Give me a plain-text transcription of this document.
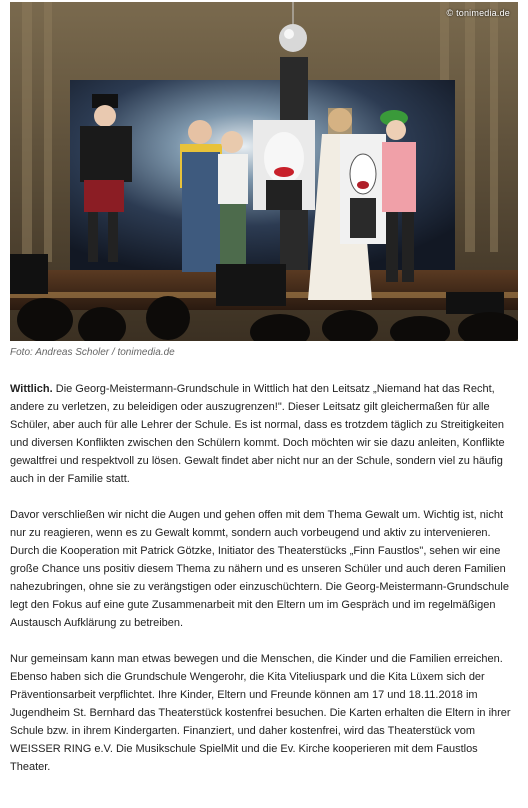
© tonimedia.de
Foto: Andreas Scholer / tonimedia.de

Wittlich. Die Georg-Meistermann-Grundschule in Wittlich hat den Leitsatz „Niemand hat das Recht, andere zu verletzen, zu beleidigen oder auszugrenzen!". Dieser Leitsatz gilt gleichermaßen für alle Schüler, aber auch für alle Lehrer der Schule. Es ist normal, dass es trotzdem täglich zu Streitigkeiten und diversen Konflikten zwischen den Schülern kommt. Doch möchten wir sie dazu anleiten, Konflikte gewaltfrei und respektvoll zu lösen. Gewalt findet aber nicht nur an der Schule, sondern viel zu häufig auch in der Familie statt.

Davor verschließen wir nicht die Augen und gehen offen mit dem Thema Gewalt um. Wichtig ist, nicht nur zu reagieren, wenn es zu Gewalt kommt, sondern auch vorbeugend und aktiv zu intervenieren. Durch die Kooperation mit Patrick Götzke, Initiator des Theaterstücks „Finn Faustlos", sehen wir eine große Chance uns positiv diesem Thema zu nähern und es unseren Schüler und auch deren Familien nahezubringen, ohne sie zu verängstigen oder einzuschüchtern. Die Georg-Meistermann-Grundschule legt den Fokus auf eine gute Zusammenarbeit mit den Eltern um im Gespräch und im regelmäßigen Austausch Aufklärung zu betreiben.

Nur gemeinsam kann man etwas bewegen und die Menschen, die Kinder und die Familien erreichen. Ebenso haben sich die Grundschule Wengerohr, die Kita Viteliuspark und die Kita Lüxem sich der Präventionsarbeit verpflichtet. Ihre Kinder, Eltern und Freunde können am 17 und 18.11.2018 im Jugendheim St. Bernhard das Theaterstück kostenfrei besuchen. Die Karten erhalten die Eltern in ihrer Schule bzw. in ihrem Kindergarten. Finanziert, und daher kostenfrei, wird das Theaterstück vom WEISSER RING e.V. Die Musikschule SpielMit und die Ev. Kirche kooperieren mit dem Faustlos Theater.
